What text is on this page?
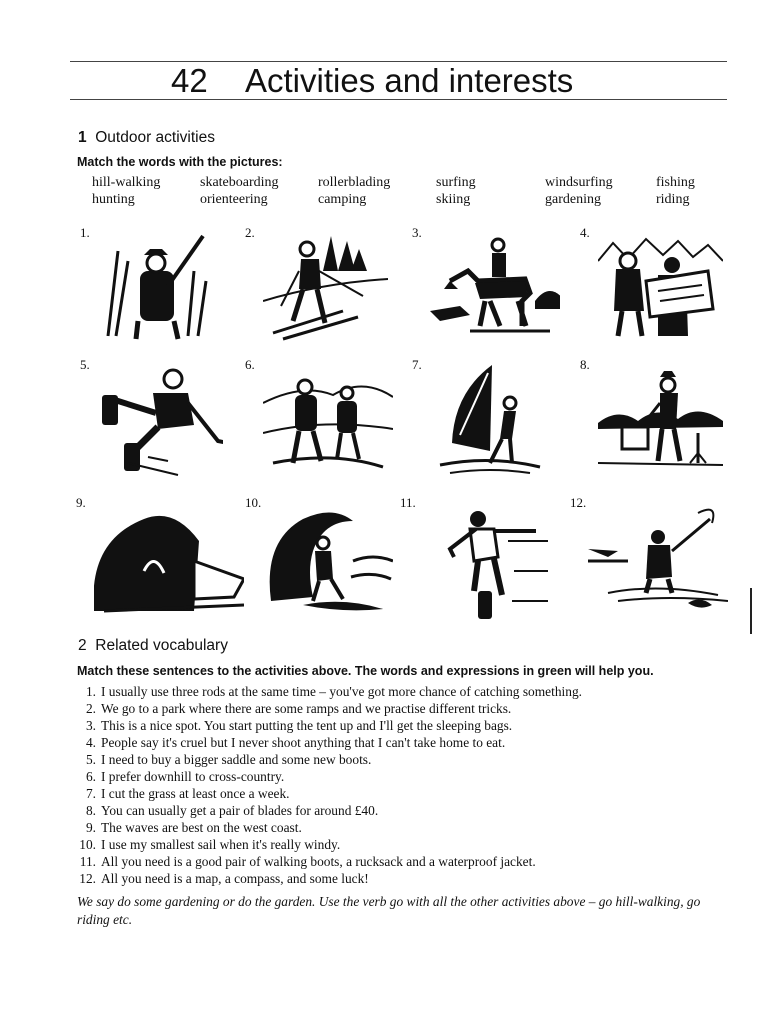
42 Activities and interests
1 Outdoor activities
Match the words with the pictures:
hill-walking	skateboarding	rollerblading	surfing	windsurfing	fishing
hunting	orienteering	camping	skiing	gardening	riding
1.	2.	3.	4.
5.	6.	7.	8.
9.	10.	11.	12.
2 Related vocabulary
Match these sentences to the activities above. The words and expressions in green will help you.
1. I usually use three rods at the same time – you've got more chance of catching something.
2. We go to a park where there are some ramps and we practise different tricks.
3. This is a nice spot. You start putting the tent up and I'll get the sleeping bags.
4. People say it's cruel but I never shoot anything that I can't take home to eat.
5. I need to buy a bigger saddle and some new boots.
6. I prefer downhill to cross-country.
7. I cut the grass at least once a week.
8. You can usually get a pair of blades for around £40.
9. The waves are best on the west coast.
10. I use my smallest sail when it's really windy.
11. All you need is a good pair of walking boots, a rucksack and a waterproof jacket.
12. All you need is a map, a compass, and some luck!
We say do some gardening or do the garden. Use the verb go with all the other activities above – go hill-walking, go riding etc.
